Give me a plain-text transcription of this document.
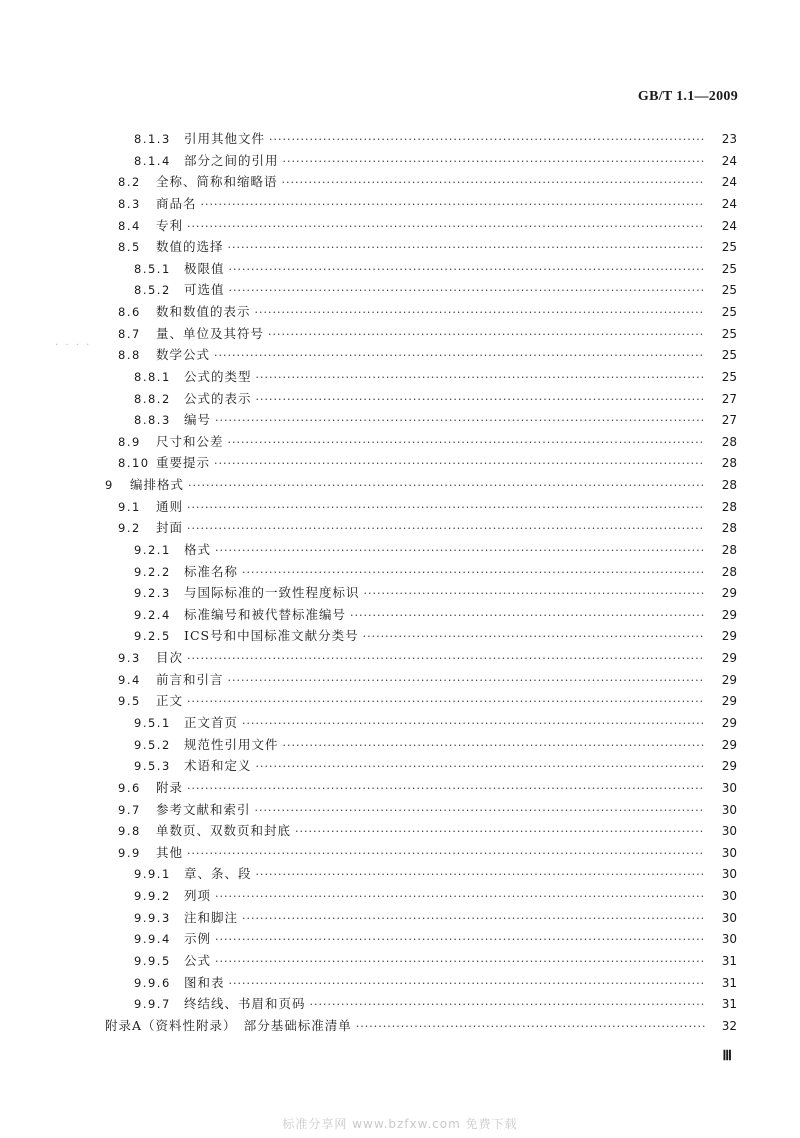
GB/T 1.1—2009
8.1.3	引用其他文件 ·····	23
8.1.4	部分之间的引用 ·····	24
8.2	全称、简称和缩略语 ·····	24
8.3	商品名 ·····	24
8.4	专利 ·····	24
8.5	数值的选择 ·····	25
8.5.1	极限值 ·····	25
8.5.2	可选值 ·····	25
8.6	数和数值的表示 ·····	25
8.7	量、单位及其符号 ·····	25
8.8	数学公式 ·····	25
8.8.1	公式的类型 ·····	25
8.8.2	公式的表示 ·····	27
8.8.3	编号 ·····	27
8.9	尺寸和公差 ·····	28
8.10 重要提示 ·····	28
9	编排格式 ·····	28
9.1	通则 ·····	28
9.2	封面 ·····	28
9.2.1	格式 ·····	28
9.2.2	标准名称 ·····	28
9.2.3	与国际标准的一致性程度标识 ·····	29
9.2.4	标准编号和被代替标准编号 ·····	29
9.2.5	ICS号和中国标准文献分类号 ·····	29
9.3	目次 ·····	29
9.4	前言和引言 ·····	29
9.5	正文 ·····	29
9.5.1	正文首页 ·····	29
9.5.2	规范性引用文件 ·····	29
9.5.3	术语和定义 ·····	29
9.6	附录 ·····	30
9.7	参考文献和索引 ·····	30
9.8	单数页、双数页和封底 ·····	30
9.9	其他 ·····	30
9.9.1	章、条、段 ·····	30
9.9.2	列项 ·····	30
9.9.3	注和脚注 ·····	30
9.9.4	示例 ·····	30
9.9.5	公式 ·····	31
9.9.6	图和表 ·····	31
9.9.7	终结线、书眉和页码 ·····	31
附录A（资料性附录）　部分基础标准清单 ·····	32
· · · ·
Ⅲ
标准分享网 www.bzfxw.com 免费下载
